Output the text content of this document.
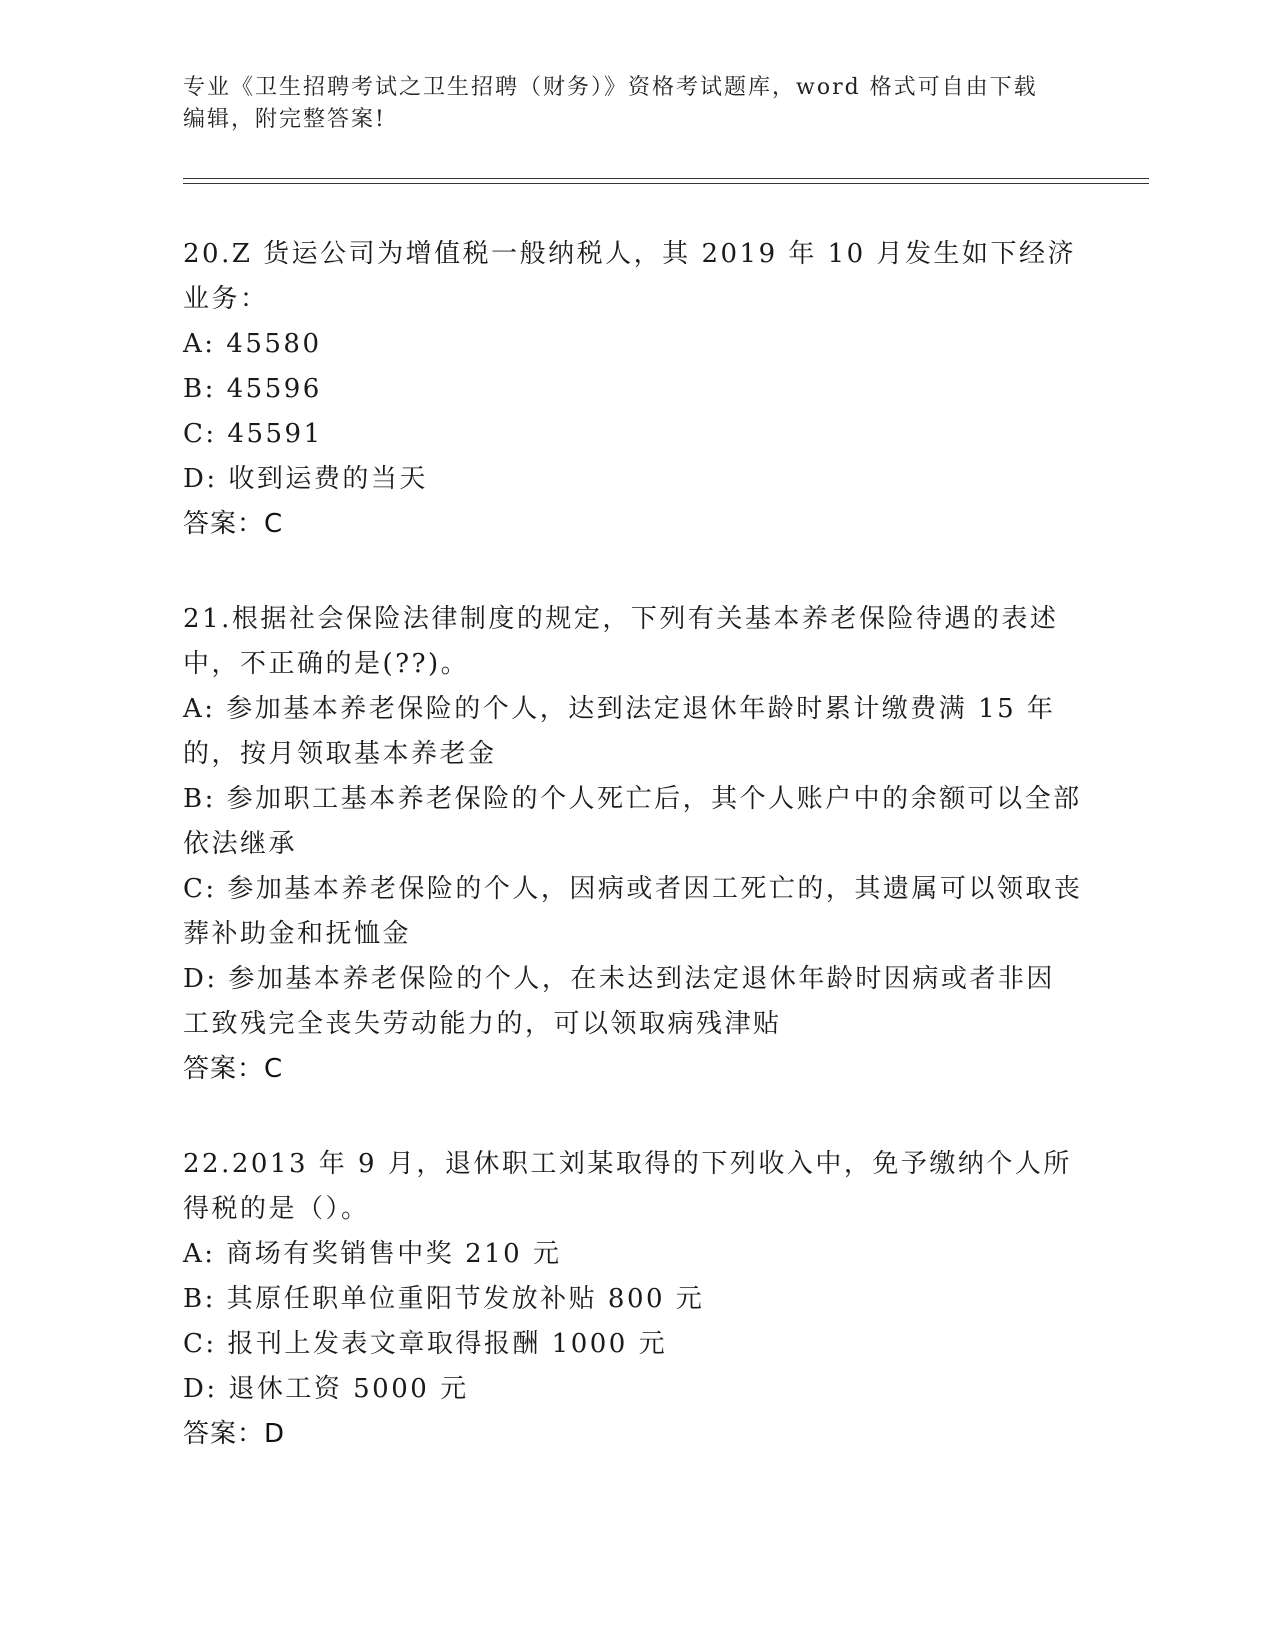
专业《卫生招聘考试之卫生招聘（财务）》资格考试题库，word 格式可自由下载
编辑，附完整答案!
20.Z 货运公司为增值税一般纳税人，其 2019 年 10 月发生如下经济业务：
A: 45580
B: 45596
C: 45591
D: 收到运费的当天
答案：C
21.根据社会保险法律制度的规定，下列有关基本养老保险待遇的表述中，不正确的是(??)。
A: 参加基本养老保险的个人，达到法定退休年龄时累计缴费满 15 年的，按月领取基本养老金
B: 参加职工基本养老保险的个人死亡后，其个人账户中的余额可以全部依法继承
C: 参加基本养老保险的个人，因病或者因工死亡的，其遗属可以领取丧葬补助金和抚恤金
D: 参加基本养老保险的个人，在未达到法定退休年龄时因病或者非因工致残完全丧失劳动能力的，可以领取病残津贴
答案：C
22.2013 年 9 月，退休职工刘某取得的下列收入中，免予缴纳个人所得税的是（）。
A: 商场有奖销售中奖 210 元
B: 其原任职单位重阳节发放补贴 800 元
C: 报刊上发表文章取得报酬 1000 元
D: 退休工资 5000 元
答案：D
